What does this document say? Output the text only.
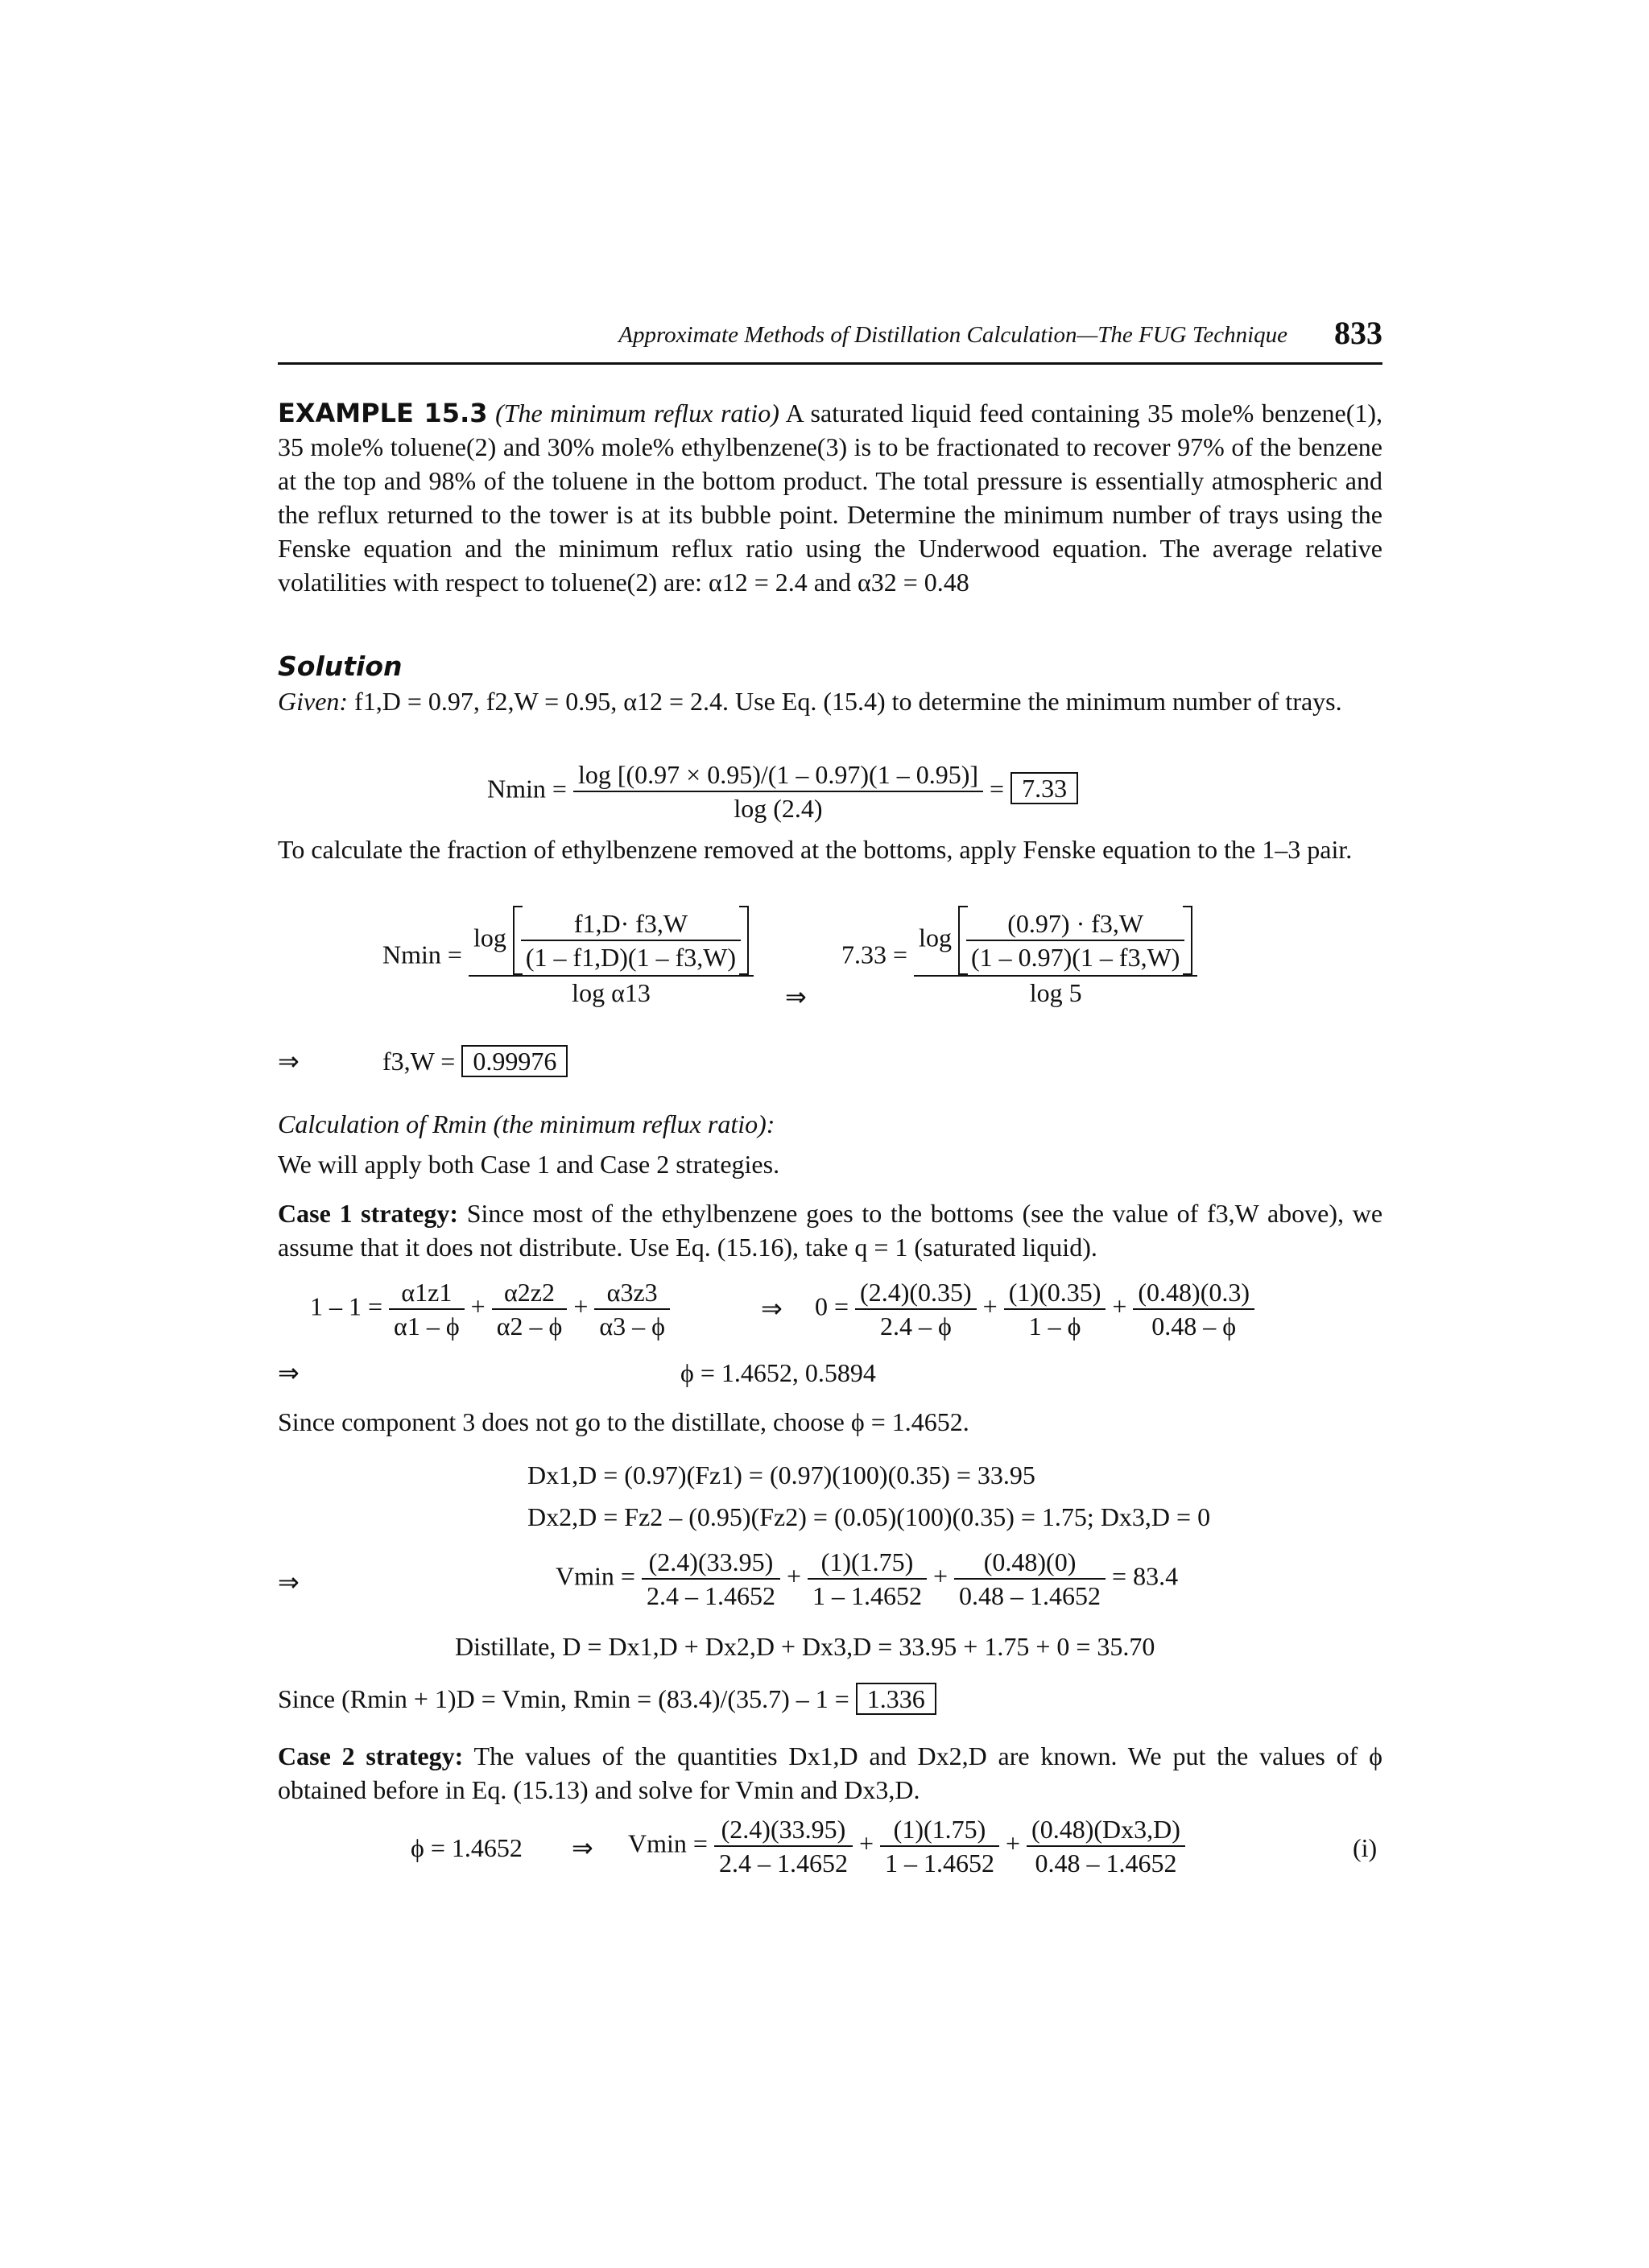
Approximate Methods of Distillation Calculation—The FUG Technique 833
EXAMPLE 15.3 (The minimum reflux ratio) A saturated liquid feed containing 35 mole% benzene(1), 35 mole% toluene(2) and 30% mole% ethylbenzene(3) is to be fractionated to recover 97% of the benzene at the top and 98% of the toluene in the bottom product. The total pressure is essentially atmospheric and the reflux returned to the tower is at its bubble point. Determine the minimum number of trays using the Fenske equation and the minimum reflux ratio using the Underwood equation. The average relative volatilities with respect to toluene(2) are: α12 = 2.4 and α32 = 0.48
Solution
Given: f1,D = 0.97, f2,W = 0.95, α12 = 2.4. Use Eq. (15.4) to determine the minimum number of trays.
$Nmin = \frac{\log [(0.97 \times 0.95)/(1 - 0.97)(1 - 0.95)]}{\log (2.4)} = 7.33$
To calculate the fraction of ethylbenzene removed at the bottoms, apply Fenske equation to the 1–3 pair.
Nmin =
$\log \frac{f1,D\cdot f3,W}{(1 - f1,D)(1 - f3,W)}$
log α13	⇒
7.33 =
$\log \frac{(0.97) \cdot f3,W}{(1 - 0.97)(1 - f3,W)}$
log 5
⇒	f3,W = 0.99976
Calculation of Rmin (the minimum reflux ratio):
We will apply both Case 1 and Case 2 strategies.
Case 1 strategy: Since most of the ethylbenzene goes to the bottoms (see the value of f3,W above), we assume that it does not distribute. Use Eq. (15.16), take q = 1 (saturated liquid).
$1 - 1 = \frac{\alpha 1z1}{\alpha 1 - \phi} + \frac{\alpha 2z2}{\alpha 2 - \phi} + \frac{\alpha 3z3}{\alpha 3 - \phi}$	⇒ $0 = \frac{(2.4)(0.35)}{2.4 - \phi} + \frac{(1)(0.35)}{1 - \phi} + \frac{(0.48)(0.3)}{0.48 - \phi}$
⇒	ϕ = 1.4652, 0.5894
Since component 3 does not go to the distillate, choose ϕ = 1.4652.
Dx1,D = (0.97)(Fz1) = (0.97)(100)(0.35) = 33.95
Dx2,D = Fz2 – (0.95)(Fz2) = (0.05)(100)(0.35) = 1.75; Dx3,D = 0
⇒	$Vmin = \frac{(2.4)(33.95)}{2.4 - 1.4652} + \frac{(1)(1.75)}{1 - 1.4652} + \frac{(0.48)(0)}{0.48 - 1.4652} = 83.4$
Distillate, D = Dx1,D + Dx2,D + Dx3,D = 33.95 + 1.75 + 0 = 35.70
Since (Rmin + 1)D = Vmin, Rmin = (83.4)/(35.7) – 1 = 1.336
Case 2 strategy: The values of the quantities Dx1,D and Dx2,D are known. We put the values of ϕ obtained before in Eq. (15.13) and solve for Vmin and Dx3,D.
ϕ = 1.4652 ⇒ $Vmin = \frac{(2.4)(33.95)}{2.4 - 1.4652} + \frac{(1)(1.75)}{1 - 1.4652} + \frac{(0.48)(Dx3,D)}{0.48 - 1.4652}$	(i)
